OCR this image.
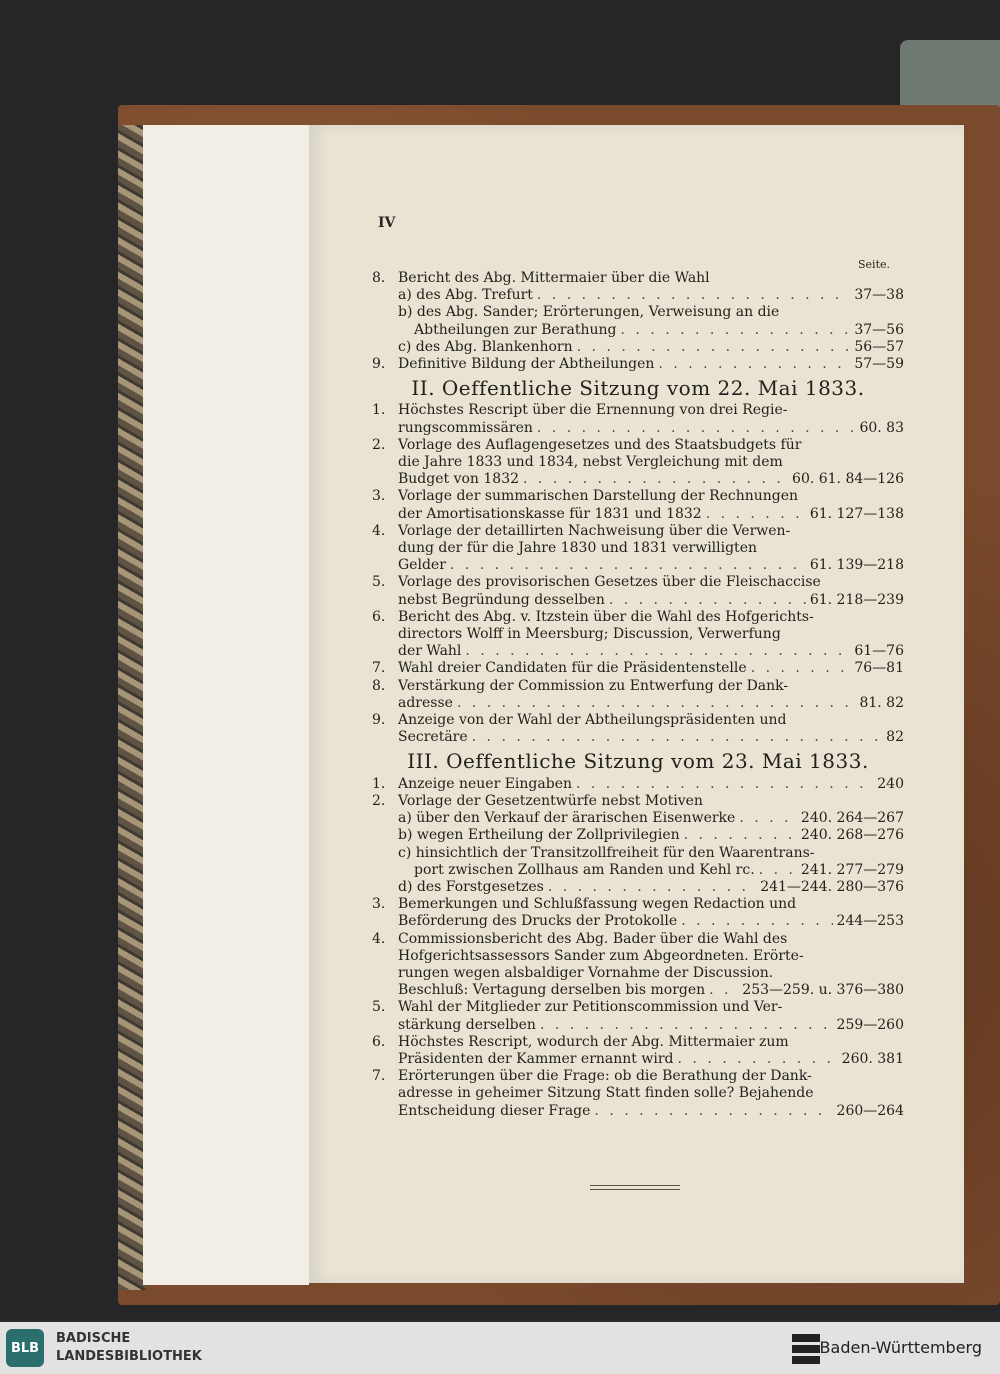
IV
Seite.
8. Bericht des Abg. Mittermaier über die Wahl
a) des Abg. Trefurt . . .	37—38
b) des Abg. Sander; Erörterungen, Verweisung an die
Abtheilungen zur Berathung . . .	37—56
c) des Abg. Blankenhorn . . .	56—57
9. Definitive Bildung der Abtheilungen . . .	57—59
II. Oeffentliche Sitzung vom 22. Mai 1833.
1. Höchstes Rescript über die Ernennung von drei Regie-
rungscommissären . . .	60. 83
2. Vorlage des Auflagengesetzes und des Staatsbudgets für
die Jahre 1833 und 1834, nebst Vergleichung mit dem
Budget von 1832 . . .	60. 61. 84—126
3. Vorlage der summarischen Darstellung der Rechnungen
der Amortisationskasse für 1831 und 1832 . . .	61. 127—138
4. Vorlage der detaillirten Nachweisung über die Verwen-
dung der für die Jahre 1830 und 1831 verwilligten
Gelder . . .	61. 139—218
5. Vorlage des provisorischen Gesetzes über die Fleischaccise
nebst Begründung desselben . . .	61. 218—239
6. Bericht des Abg. v. Itzstein über die Wahl des Hofgerichts-
directors Wolff in Meersburg; Discussion, Verwerfung
der Wahl . . .	61—76
7. Wahl dreier Candidaten für die Präsidentenstelle . . .	76—81
8. Verstärkung der Commission zu Entwerfung der Dank-
adresse . . .	81. 82
9. Anzeige von der Wahl der Abtheilungspräsidenten und
Secretäre . . .	82
III. Oeffentliche Sitzung vom 23. Mai 1833.
1. Anzeige neuer Eingaben . . .	240
2. Vorlage der Gesetzentwürfe nebst Motiven
a) über den Verkauf der ärarischen Eisenwerke . . .	240. 264—267
b) wegen Ertheilung der Zollprivilegien . . .	240. 268—276
c) hinsichtlich der Transitzollfreiheit für den Waarentrans-
port zwischen Zollhaus am Randen und Kehl rc. . . .	241. 277—279
d) des Forstgesetzes . . .	241—244. 280—376
3. Bemerkungen und Schlußfassung wegen Redaction und
Beförderung des Drucks der Protokolle . . .	244—253
4. Commissionsbericht des Abg. Bader über die Wahl des
Hofgerichtsassessors Sander zum Abgeordneten. Erörte-
rungen wegen alsbaldiger Vornahme der Discussion.
Beschluß: Vertagung derselben bis morgen . . .	253—259. u. 376—380
5. Wahl der Mitglieder zur Petitionscommission und Ver-
stärkung derselben . . .	259—260
6. Höchstes Rescript, wodurch der Abg. Mittermaier zum
Präsidenten der Kammer ernannt wird . . .	260. 381
7. Erörterungen über die Frage: ob die Berathung der Dank-
adresse in geheimer Sitzung Statt finden solle? Bejahende
Entscheidung dieser Frage . . .	260—264
BLB
BADISCHE
LANDESBIBLIOTHEK	Baden-Württemberg
